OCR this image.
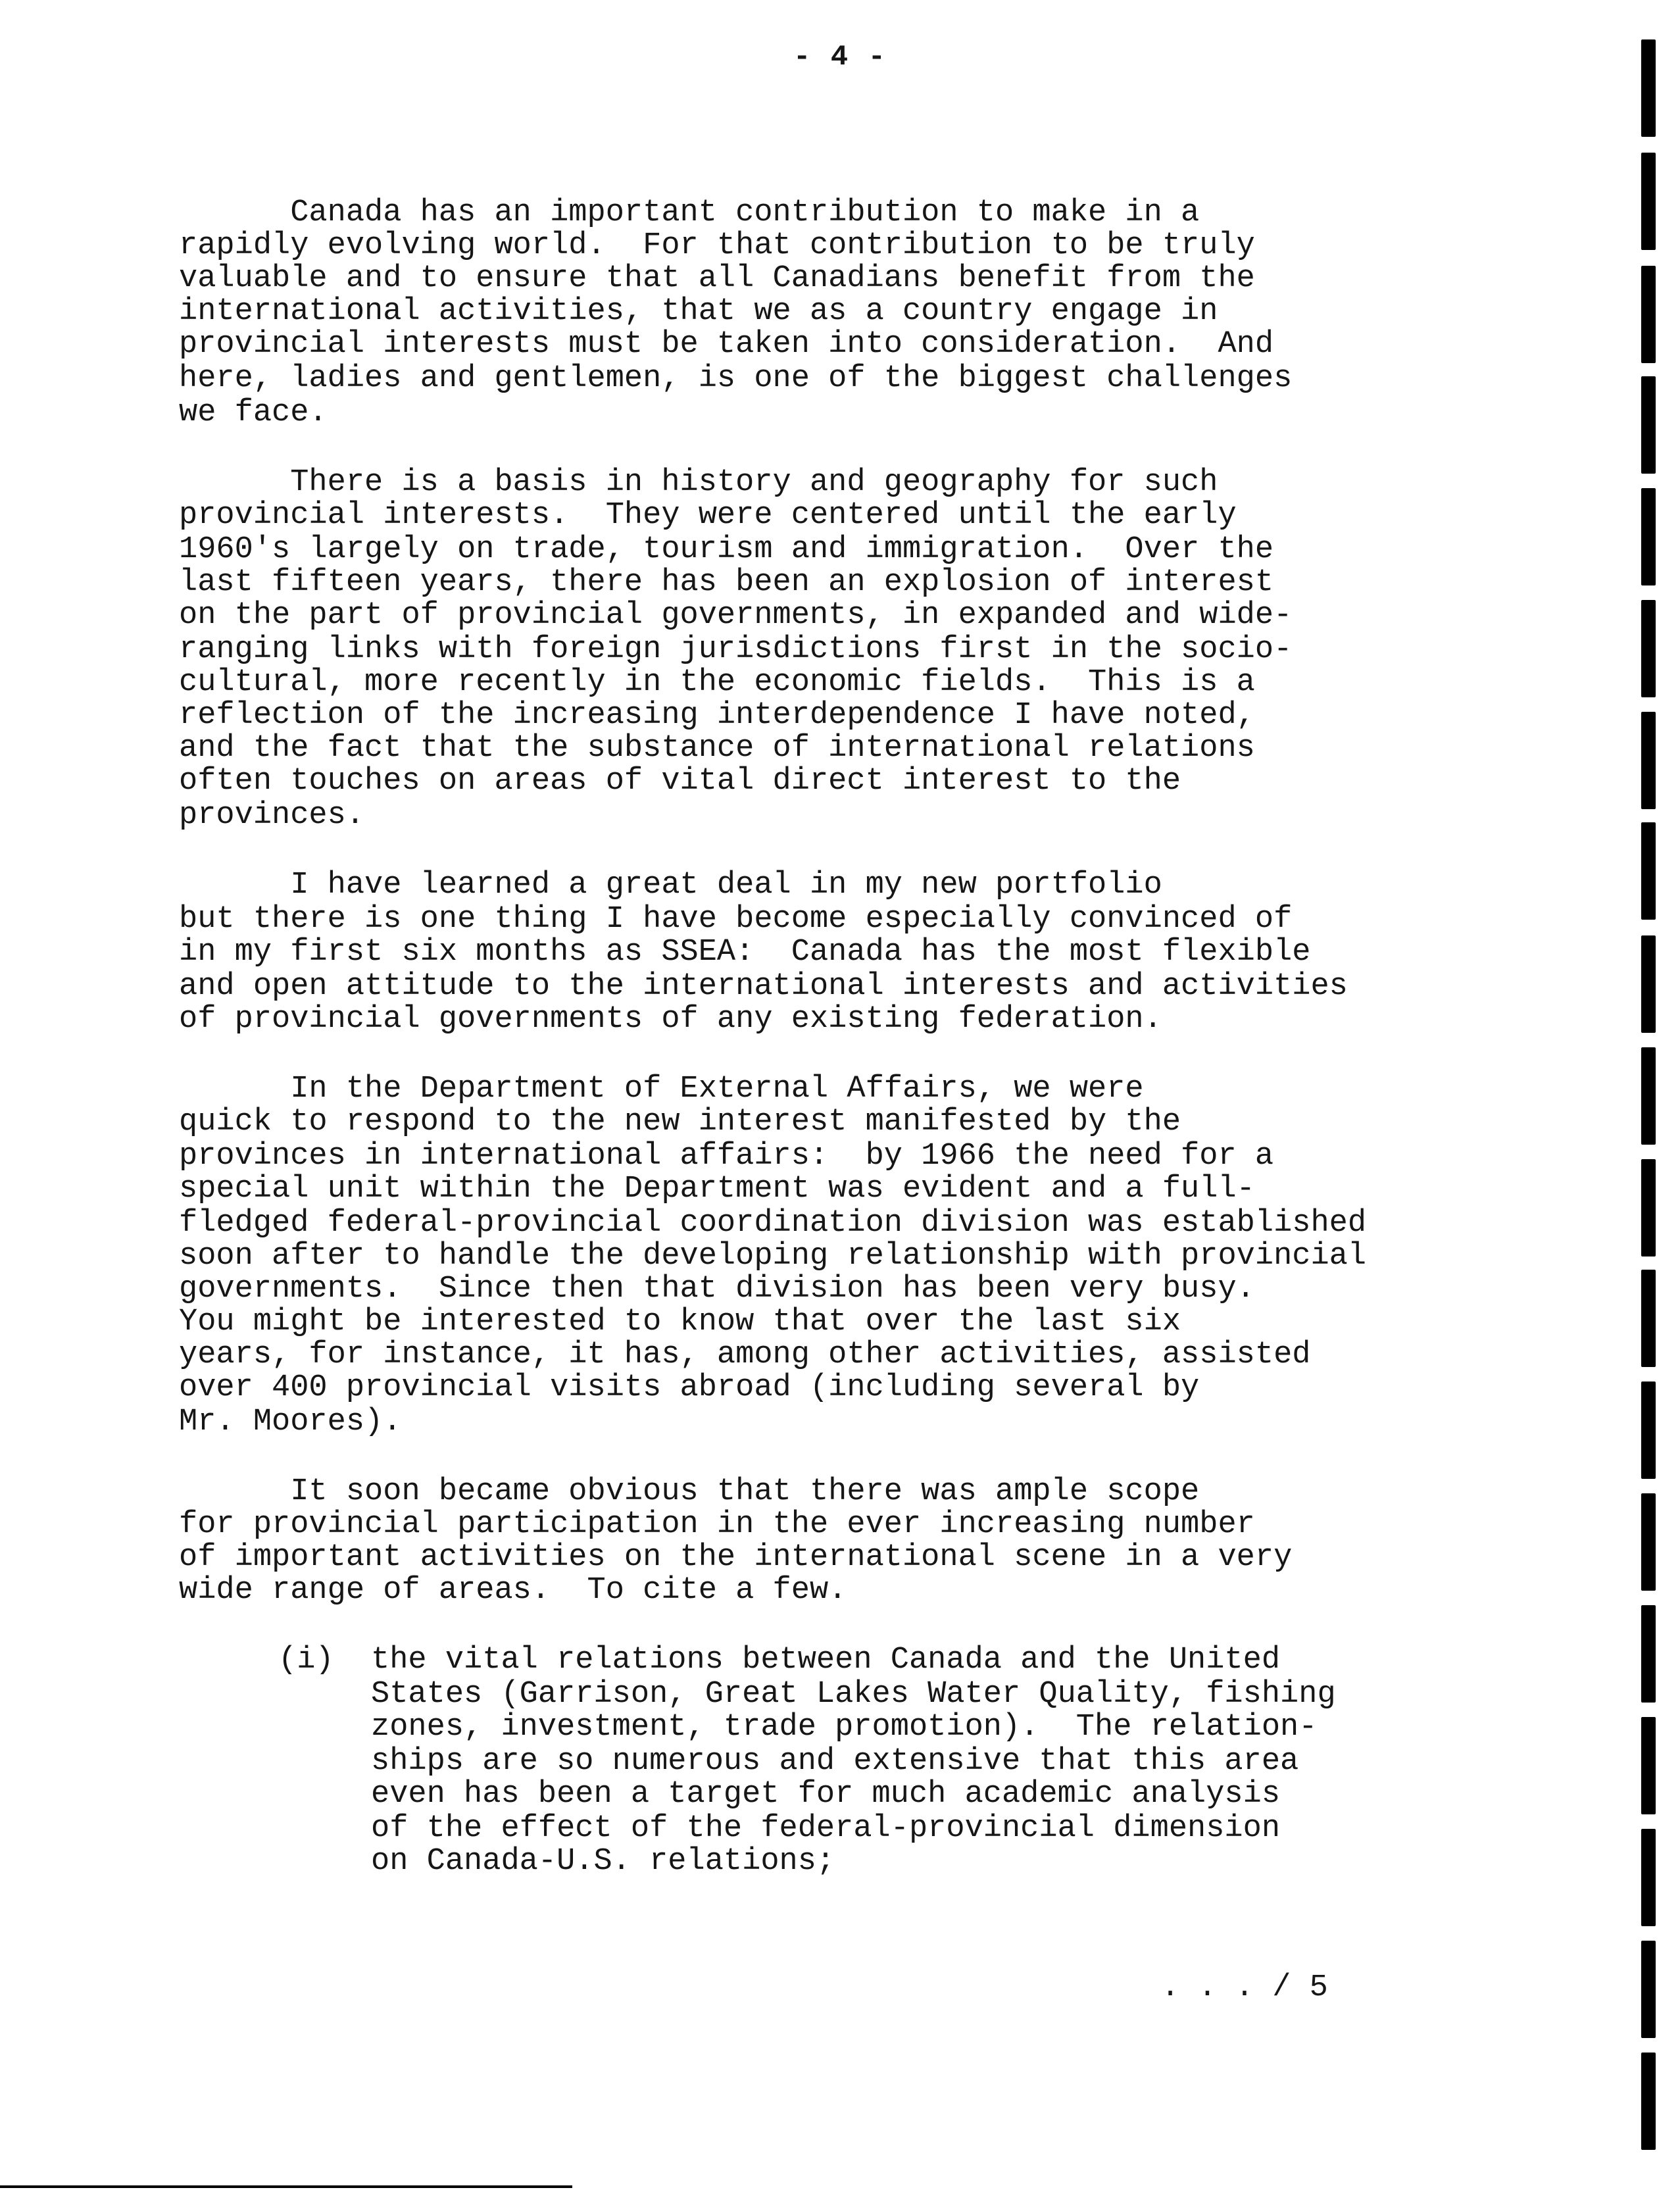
- 4 -
Canada has an important contribution to make in a
rapidly evolving world.  For that contribution to be truly
valuable and to ensure that all Canadians benefit from the
international activities, that we as a country engage in
provincial interests must be taken into consideration.  And
here, ladies and gentlemen, is one of the biggest challenges
we face.
There is a basis in history and geography for such
provincial interests.  They were centered until the early
1960's largely on trade, tourism and immigration.  Over the
last fifteen years, there has been an explosion of interest
on the part of provincial governments, in expanded and wide-
ranging links with foreign jurisdictions first in the socio-
cultural, more recently in the economic fields.  This is a
reflection of the increasing interdependence I have noted,
and the fact that the substance of international relations
often touches on areas of vital direct interest to the
provinces.
I have learned a great deal in my new portfolio
but there is one thing I have become especially convinced of
in my first six months as SSEA:  Canada has the most flexible
and open attitude to the international interests and activities
of provincial governments of any existing federation.
In the Department of External Affairs, we were
quick to respond to the new interest manifested by the
provinces in international affairs:  by 1966 the need for a
special unit within the Department was evident and a full-
fledged federal-provincial coordination division was established
soon after to handle the developing relationship with provincial
governments.  Since then that division has been very busy.
You might be interested to know that over the last six
years, for instance, it has, among other activities, assisted
over 400 provincial visits abroad (including several by
Mr. Moores).
It soon became obvious that there was ample scope
for provincial participation in the ever increasing number
of important activities on the international scene in a very
wide range of areas.  To cite a few.
(i)  the vital relations between Canada and the United
States (Garrison, Great Lakes Water Quality, fishing
zones, investment, trade promotion).  The relation-
ships are so numerous and extensive that this area
even has been a target for much academic analysis
of the effect of the federal-provincial dimension
on Canada-U.S. relations;
. . . / 5
